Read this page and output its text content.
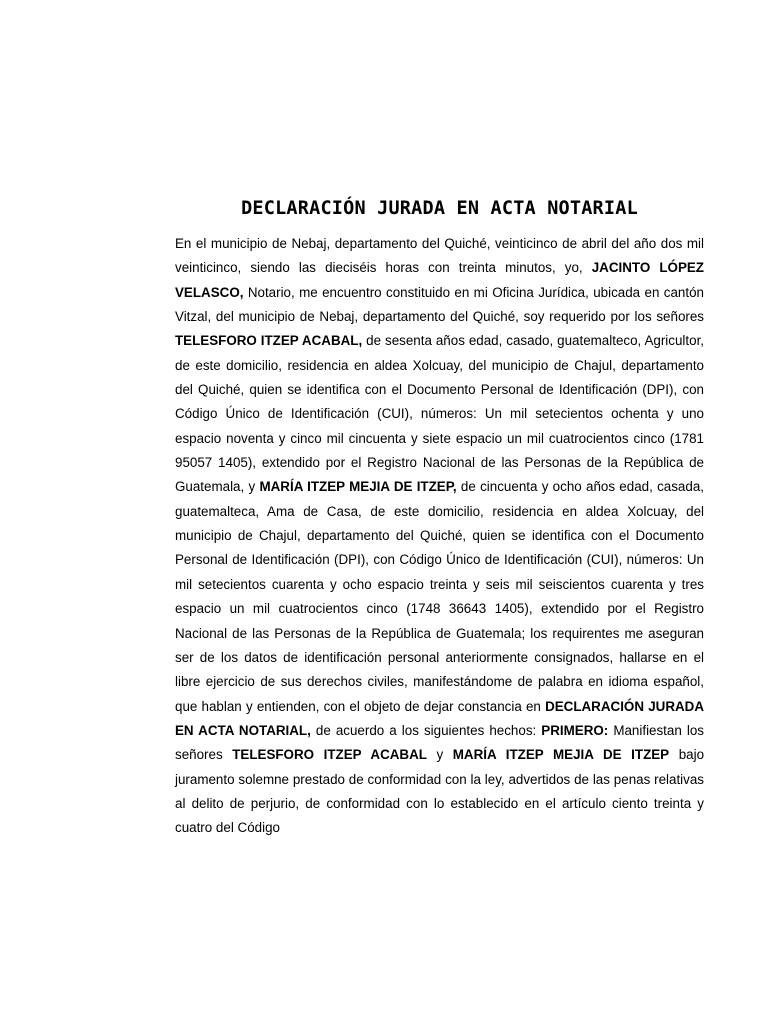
DECLARACIÓN JURADA EN ACTA NOTARIAL

En el municipio de Nebaj, departamento del Quiché, veinticinco de abril del año dos mil veinticinco, siendo las dieciséis horas con treinta minutos, yo, JACINTO LÓPEZ VELASCO, Notario, me encuentro constituido en mi Oficina Jurídica, ubicada en cantón Vitzal, del municipio de Nebaj, departamento del Quiché, soy requerido por los señores TELESFORO ITZEP ACABAL, de sesenta años edad, casado, guatemalteco, Agricultor, de este domicilio, residencia en aldea Xolcuay, del municipio de Chajul, departamento del Quiché, quien se identifica con el Documento Personal de Identificación (DPI), con Código Único de Identificación (CUI), números: Un mil setecientos ochenta y uno espacio noventa y cinco mil cincuenta y siete espacio un mil cuatrocientos cinco (1781 95057 1405), extendido por el Registro Nacional de las Personas de la República de Guatemala, y MARÍA ITZEP MEJIA DE ITZEP, de cincuenta y ocho años edad, casada, guatemalteca, Ama de Casa, de este domicilio, residencia en aldea Xolcuay, del municipio de Chajul, departamento del Quiché, quien se identifica con el Documento Personal de Identificación (DPI), con Código Único de Identificación (CUI), números: Un mil setecientos cuarenta y ocho espacio treinta y seis mil seiscientos cuarenta y tres espacio un mil cuatrocientos cinco (1748 36643 1405), extendido por el Registro Nacional de las Personas de la República de Guatemala; los requirentes me aseguran ser de los datos de identificación personal anteriormente consignados, hallarse en el libre ejercicio de sus derechos civiles, manifestándome de palabra en idioma español, que hablan y entienden, con el objeto de dejar constancia en DECLARACIÓN JURADA EN ACTA NOTARIAL, de acuerdo a los siguientes hechos: PRIMERO: Manifiestan los señores TELESFORO ITZEP ACABAL y MARÍA ITZEP MEJIA DE ITZEP bajo juramento solemne prestado de conformidad con la ley, advertidos de las penas relativas al delito de perjurio, de conformidad con lo establecido en el artículo ciento treinta y cuatro del Código
